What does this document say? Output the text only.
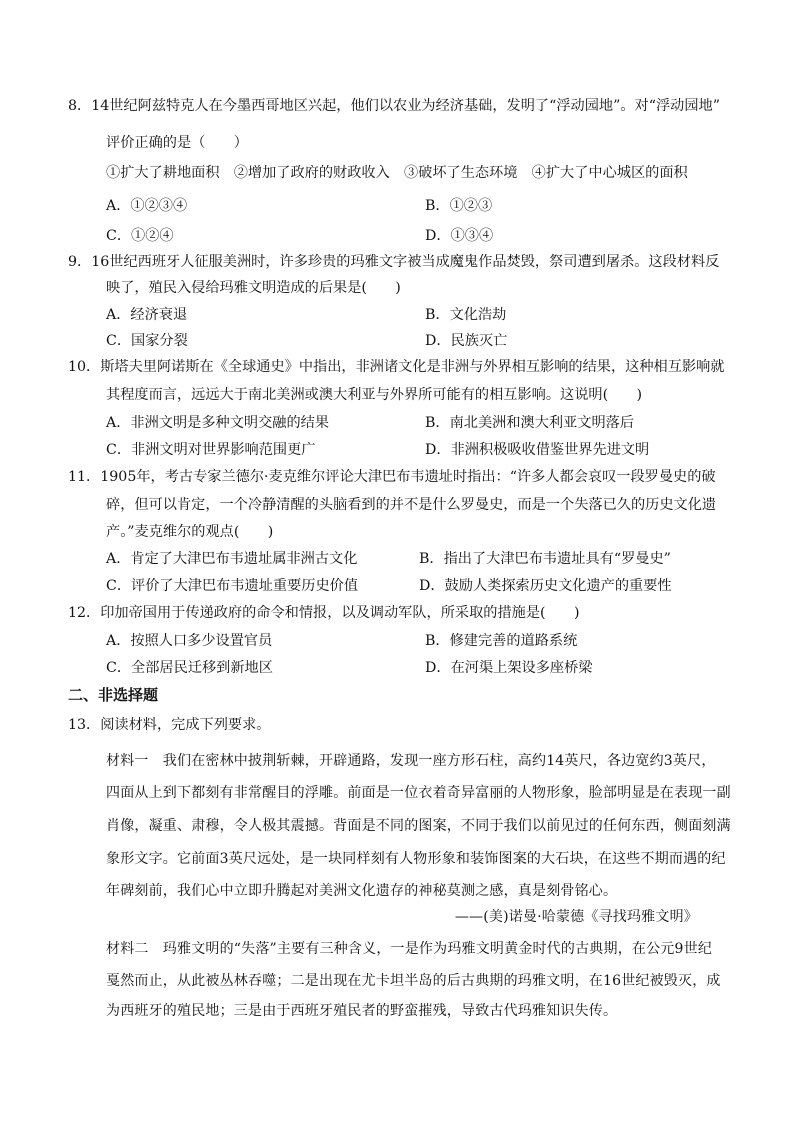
8．14世纪阿兹特克人在今墨西哥地区兴起，他们以农业为经济基础，发明了“浮动园地”。对“浮动园地”
评价正确的是（　　）
①扩大了耕地面积　②增加了政府的财政收入　③破坏了生态环境　④扩大了中心城区的面积
A．①②③④	B．①②③
C．①②④	D．①③④
9．16世纪西班牙人征服美洲时，许多珍贵的玛雅文字被当成魔鬼作品焚毁，祭司遭到屠杀。这段材料反
映了，殖民入侵给玛雅文明造成的后果是(　　)
A．经济衰退	B．文化浩劫
C．国家分裂	D．民族灭亡
10．斯塔夫里阿诺斯在《全球通史》中指出，非洲诸文化是非洲与外界相互影响的结果，这种相互影响就
其程度而言，远远大于南北美洲或澳大利亚与外界所可能有的相互影响。这说明(　　)
A．非洲文明是多种文明交融的结果	B．南北美洲和澳大利亚文明落后
C．非洲文明对世界影响范围更广	D．非洲积极吸收借鉴世界先进文明
11．1905年，考古专家兰德尔·麦克维尔评论大津巴布韦遗址时指出：“许多人都会哀叹一段罗曼史的破
碎，但可以肯定，一个冷静清醒的头脑看到的并不是什么罗曼史，而是一个失落已久的历史文化遗
产。”麦克维尔的观点(　　)
A．肯定了大津巴布韦遗址属非洲古文化	B．指出了大津巴布韦遗址具有“罗曼史”
C．评价了大津巴布韦遗址重要历史价值	D．鼓励人类探索历史文化遗产的重要性
12．印加帝国用于传递政府的命令和情报，以及调动军队，所采取的措施是(　　)
A．按照人口多少设置官员	B．修建完善的道路系统
C．全部居民迁移到新地区	D．在河渠上架设多座桥梁
二、非选择题
13．阅读材料，完成下列要求。
材料一　我们在密林中披荆斩棘，开辟通路，发现一座方形石柱，高约14英尺，各边宽约3英尺，
四面从上到下都刻有非常醒目的浮雕。前面是一位衣着奇异富丽的人物形象，脸部明显是在表现一副
肖像，凝重、肃穆，令人极其震撼。背面是不同的图案，不同于我们以前见过的任何东西，侧面刻满
象形文字。它前面3英尺远处，是一块同样刻有人物形象和装饰图案的大石块，在这些不期而遇的纪
年碑刻前，我们心中立即升腾起对美洲文化遗存的神秘莫测之感，真是刻骨铭心。
——(美)诺曼·哈蒙德《寻找玛雅文明》
材料二　玛雅文明的“失落”主要有三种含义，一是作为玛雅文明黄金时代的古典期，在公元9世纪
戛然而止，从此被丛林吞噬；二是出现在尤卡坦半岛的后古典期的玛雅文明，在16世纪被毁灭，成
为西班牙的殖民地；三是由于西班牙殖民者的野蛮摧残，导致古代玛雅知识失传。
